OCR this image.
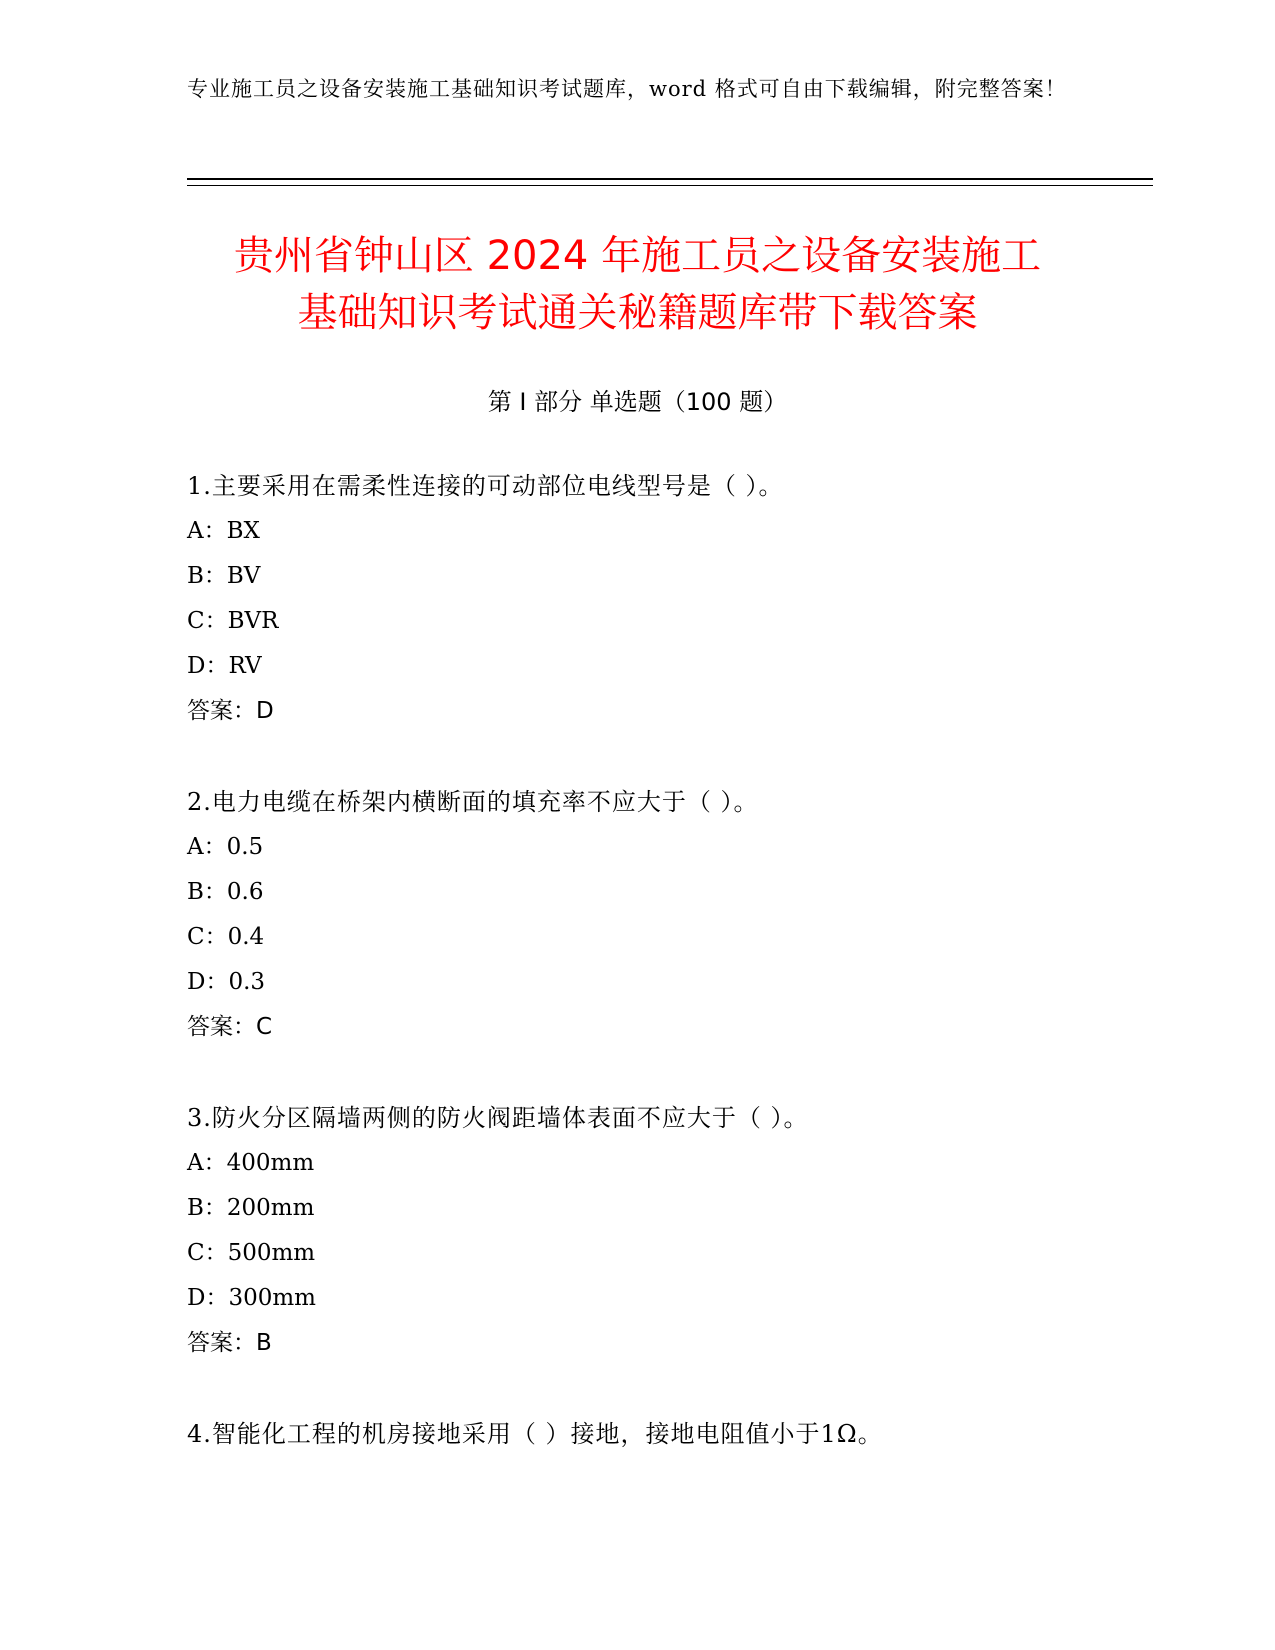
专业施工员之设备安装施工基础知识考试题库，word 格式可自由下载编辑，附完整答案！
贵州省钟山区 2024 年施工员之设备安装施工
基础知识考试通关秘籍题库带下载答案
第 I 部分 单选题（100 题）
1.主要采用在需柔性连接的可动部位电线型号是（ ）。
A：BX
B：BV
C：BVR
D：RV
答案：D
2.电力电缆在桥架内横断面的填充率不应大于（ ）。
A：0.5
B：0.6
C：0.4
D：0.3
答案：C
3.防火分区隔墙两侧的防火阀距墙体表面不应大于（ ）。
A：400mm
B：200mm
C：500mm
D：300mm
答案：B
4.智能化工程的机房接地采用（ ）接地，接地电阻值小于1Ω。
